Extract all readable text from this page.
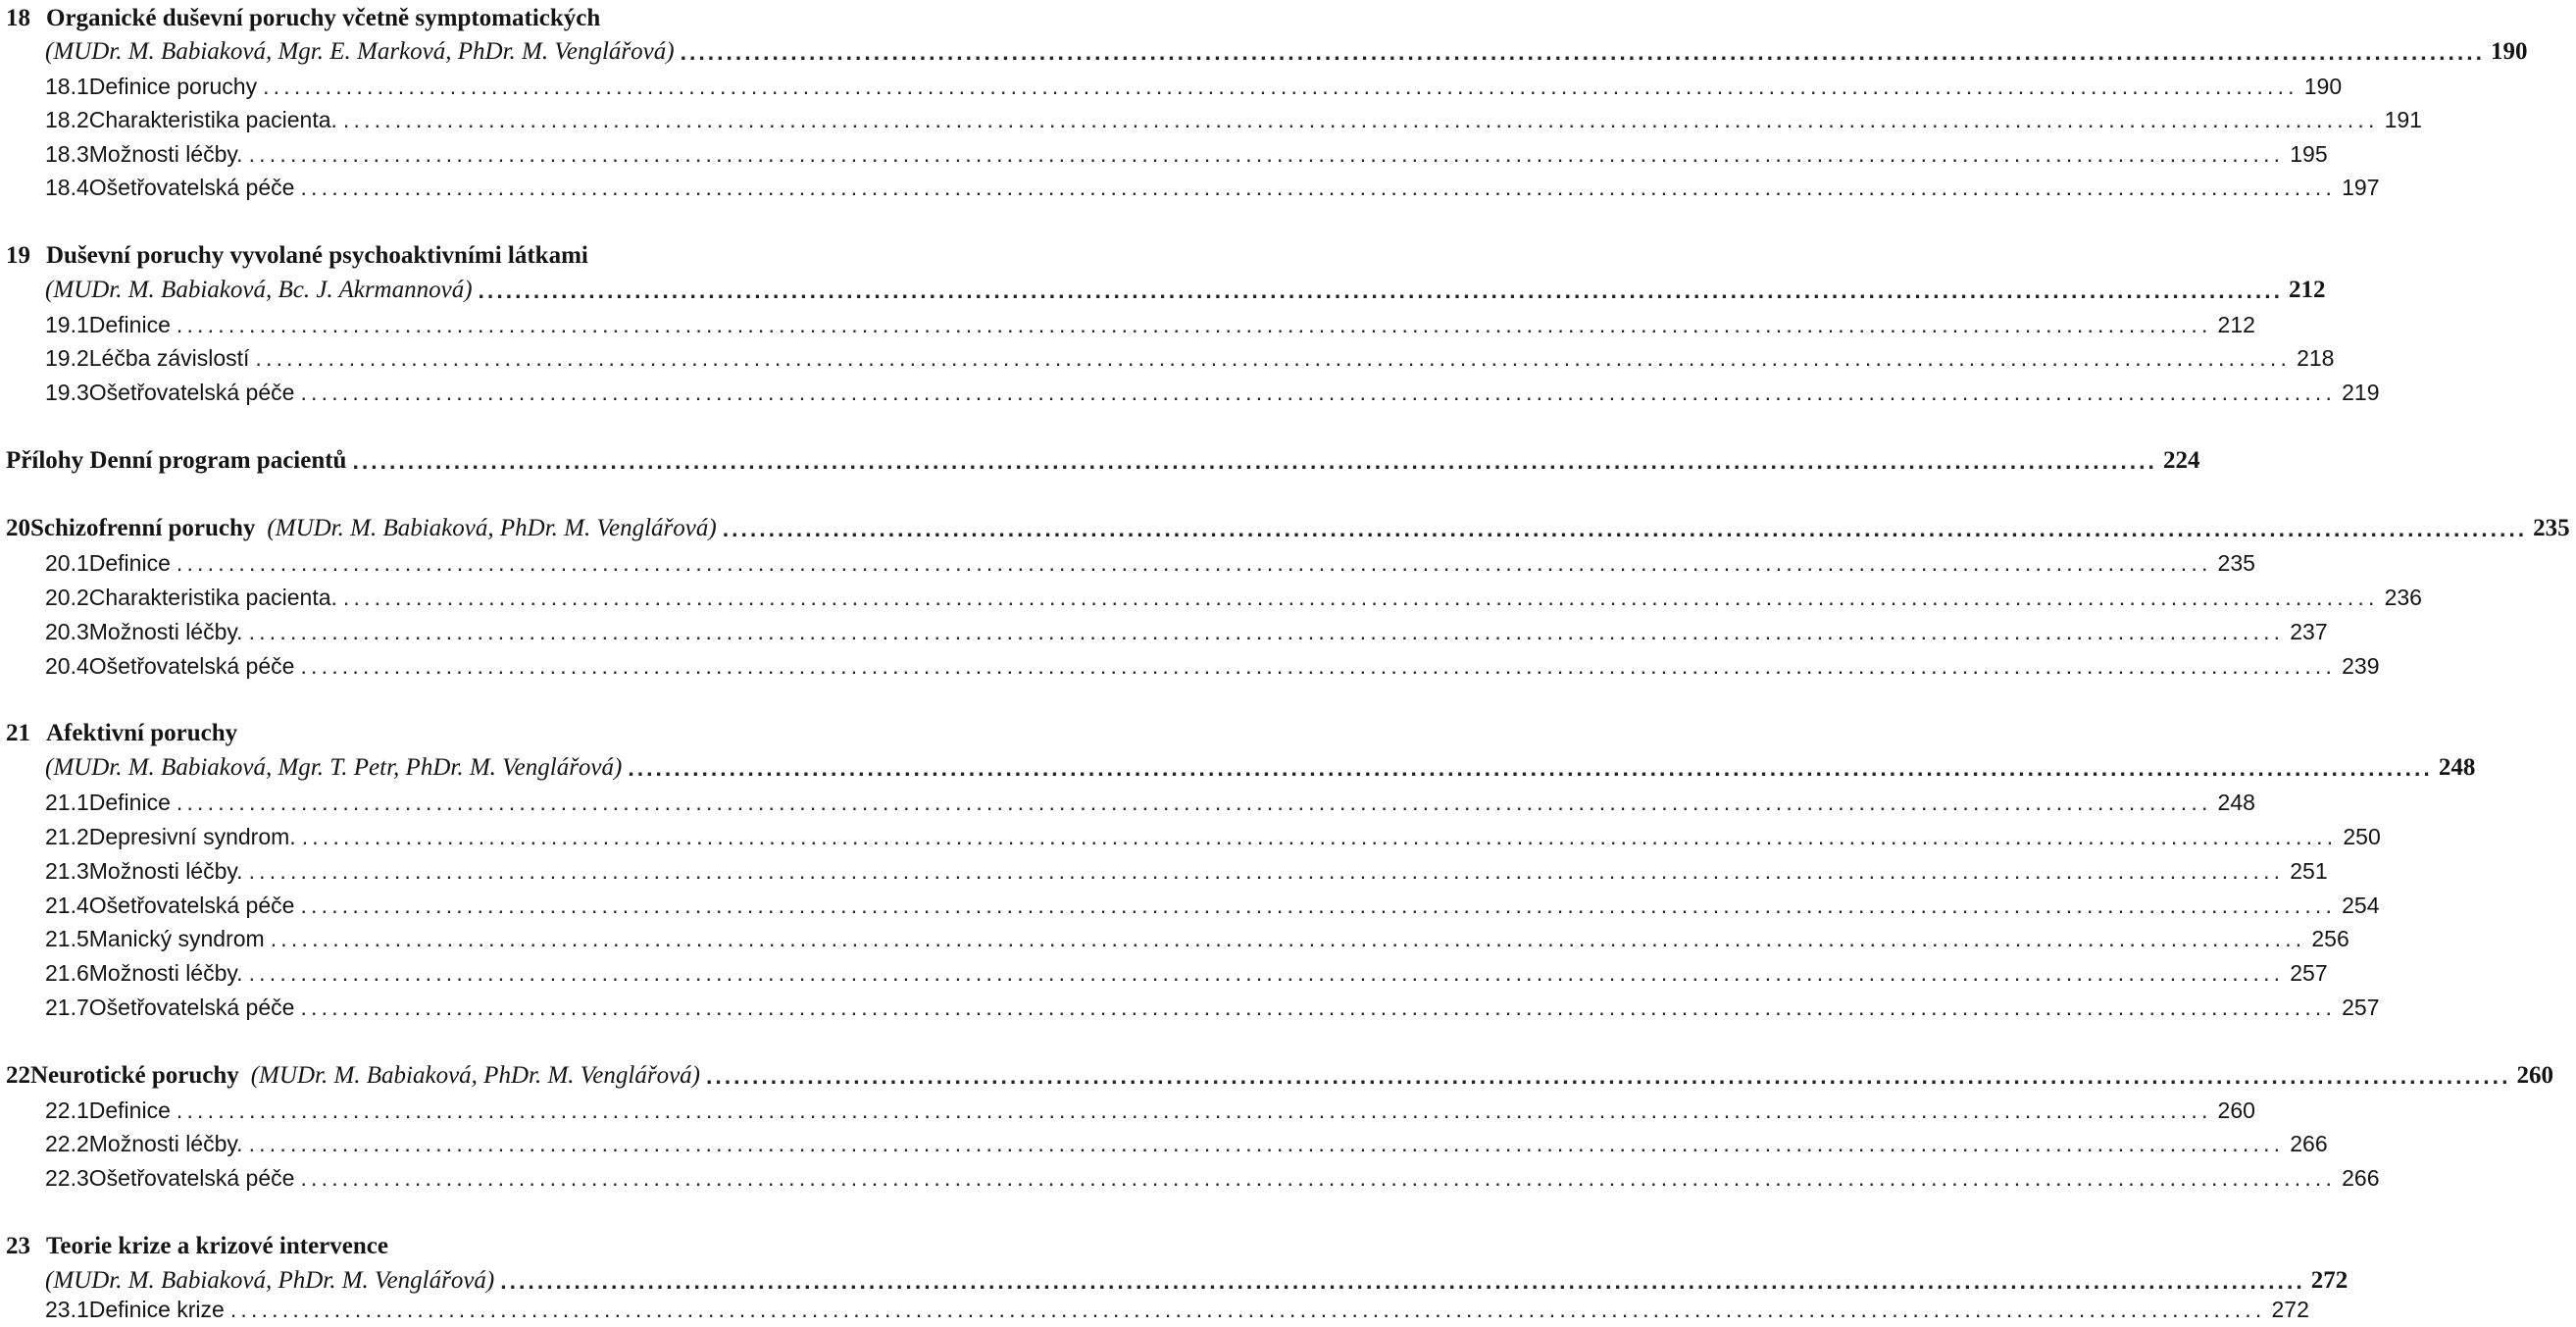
18 Organické duševní poruchy včetně symptomatických
(MUDr. M. Babiaková, Mgr. E. Marková, PhDr. M. Venglářová) .....	190
18.1 Definice poruchy .....	190
18.2 Charakteristika pacienta. .....	191
18.3 Možnosti léčby. .....	195
18.4 Ošetřovatelská péče .....	197
19 Duševní poruchy vyvolané psychoaktivními látkami
(MUDr. M. Babiaková, Bc. J. Akrmannová) .....	212
19.1 Definice .....	212
19.2 Léčba závislostí .....	218
19.3 Ošetřovatelská péče .....	219
Přílohy Denní program pacientů .....	224
20 Schizofrenní poruchy (MUDr. M. Babiaková, PhDr. M. Venglářová) .....	235
20.1 Definice .....	235
20.2 Charakteristika pacienta. .....	236
20.3 Možnosti léčby. .....	237
20.4 Ošetřovatelská péče .....	239
21 Afektivní poruchy
(MUDr. M. Babiaková, Mgr. T. Petr, PhDr. M. Venglářová) .....	248
21.1 Definice .....	248
21.2 Depresivní syndrom. .....	250
21.3 Možnosti léčby. .....	251
21.4 Ošetřovatelská péče .....	254
21.5 Manický syndrom .....	256
21.6 Možnosti léčby. .....	257
21.7 Ošetřovatelská péče .....	257
22 Neurotické poruchy (MUDr. M. Babiaková, PhDr. M. Venglářová) .....	260
22.1 Definice .....	260
22.2 Možnosti léčby. .....	266
22.3 Ošetřovatelská péče .....	266
23 Teorie krize a krizové intervence
(MUDr. M. Babiaková, PhDr. M. Venglářová) .....	272
23.1 Definice krize .....	272
